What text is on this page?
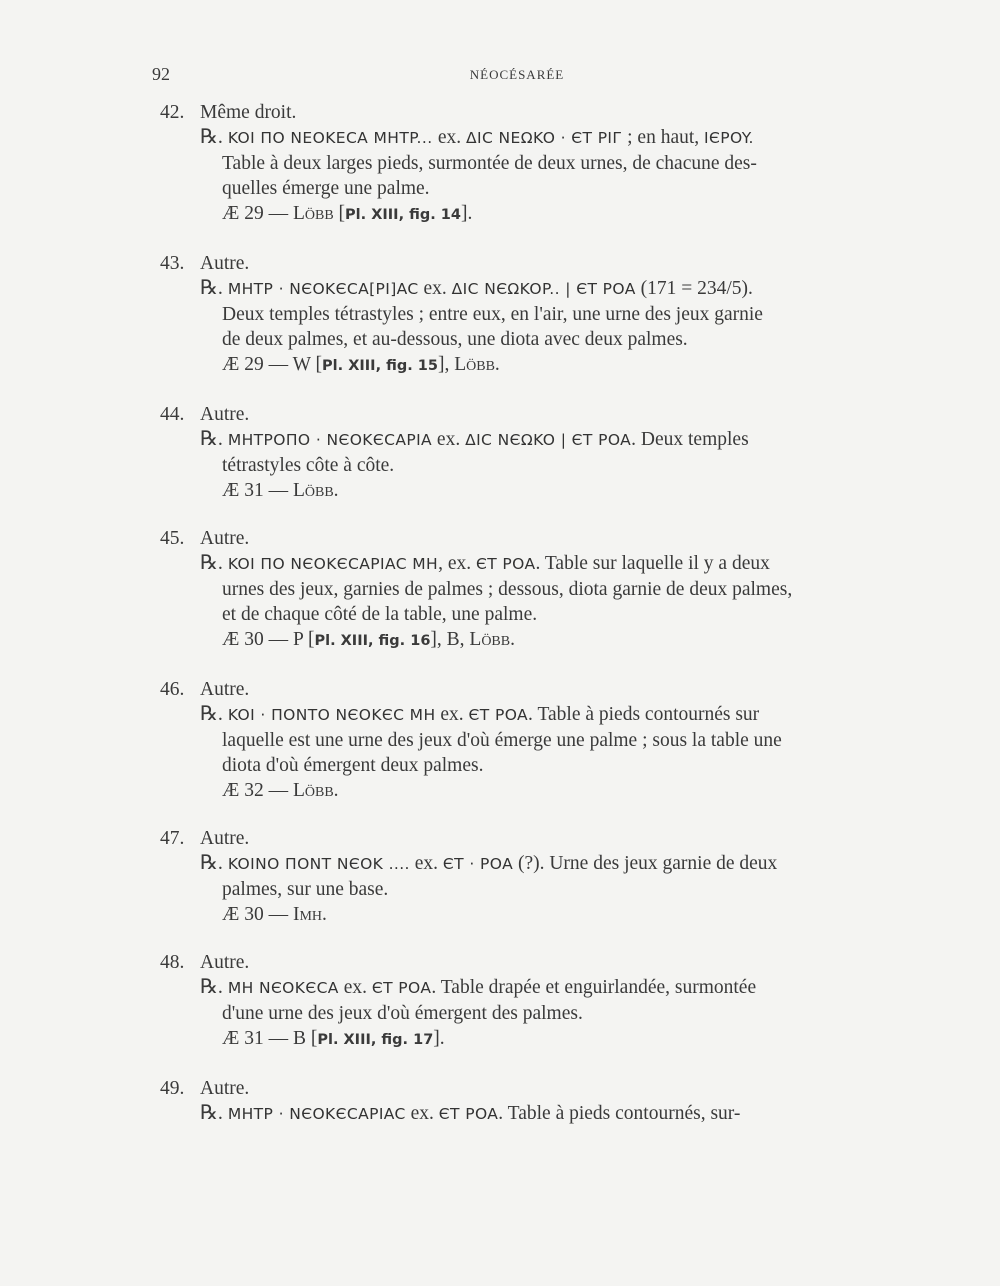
92	NÉOCÉSARÉE
42. Même droit.
℞. KOI ΠO NEOKECA MHTP... ex. ΔIC NEΩKO · ЄT PIГ ; en haut, IЄPOY.
Table à deux larges pieds, surmontée de deux urnes, de chacune des-
quelles émerge une palme.
Æ 29 — Löbb [Pl. XIII, fig. 14].
43. Autre.
℞. MHTP · NЄOKЄCA[PI]AC ex. ΔIC NЄΩKOP.. | ЄT POA (171 = 234/5).
Deux temples tétrastyles ; entre eux, en l'air, une urne des jeux garnie
de deux palmes, et au-dessous, une diota avec deux palmes.
Æ 29 — W [Pl. XIII, fig. 15], Löbb.
44. Autre.
℞. MHTPOΠO · NЄOKЄCAPIA ex. ΔIC NЄΩKO | ЄT POA. Deux temples
tétrastyles côte à côte.
Æ 31 — Löbb.
45. Autre.
℞. KOI ΠO NЄOKЄCAPIAC MH, ex. ЄT POA. Table sur laquelle il y a deux
urnes des jeux, garnies de palmes ; dessous, diota garnie de deux palmes,
et de chaque côté de la table, une palme.
Æ 30 — P [Pl. XIII, fig. 16], B, Löbb.
46. Autre.
℞. KOI · ΠONTO NЄOKЄC MH ex. ЄT POA. Table à pieds contournés sur
laquelle est une urne des jeux d'où émerge une palme ; sous la table une
diota d'où émergent deux palmes.
Æ 32 — Löbb.
47. Autre.
℞. KOINO ΠONT NЄOK .... ex. ЄT · POA (?). Urne des jeux garnie de deux
palmes, sur une base.
Æ 30 — Imh.
48. Autre.
℞. MH NЄOKЄCA ex. ЄT POA. Table drapée et enguirlandée, surmontée
d'une urne des jeux d'où émergent des palmes.
Æ 31 — B [Pl. XIII, fig. 17].
49. Autre.
℞. MHTP · NЄOKЄCAPIAC ex. ЄT POA. Table à pieds contournés, sur-
